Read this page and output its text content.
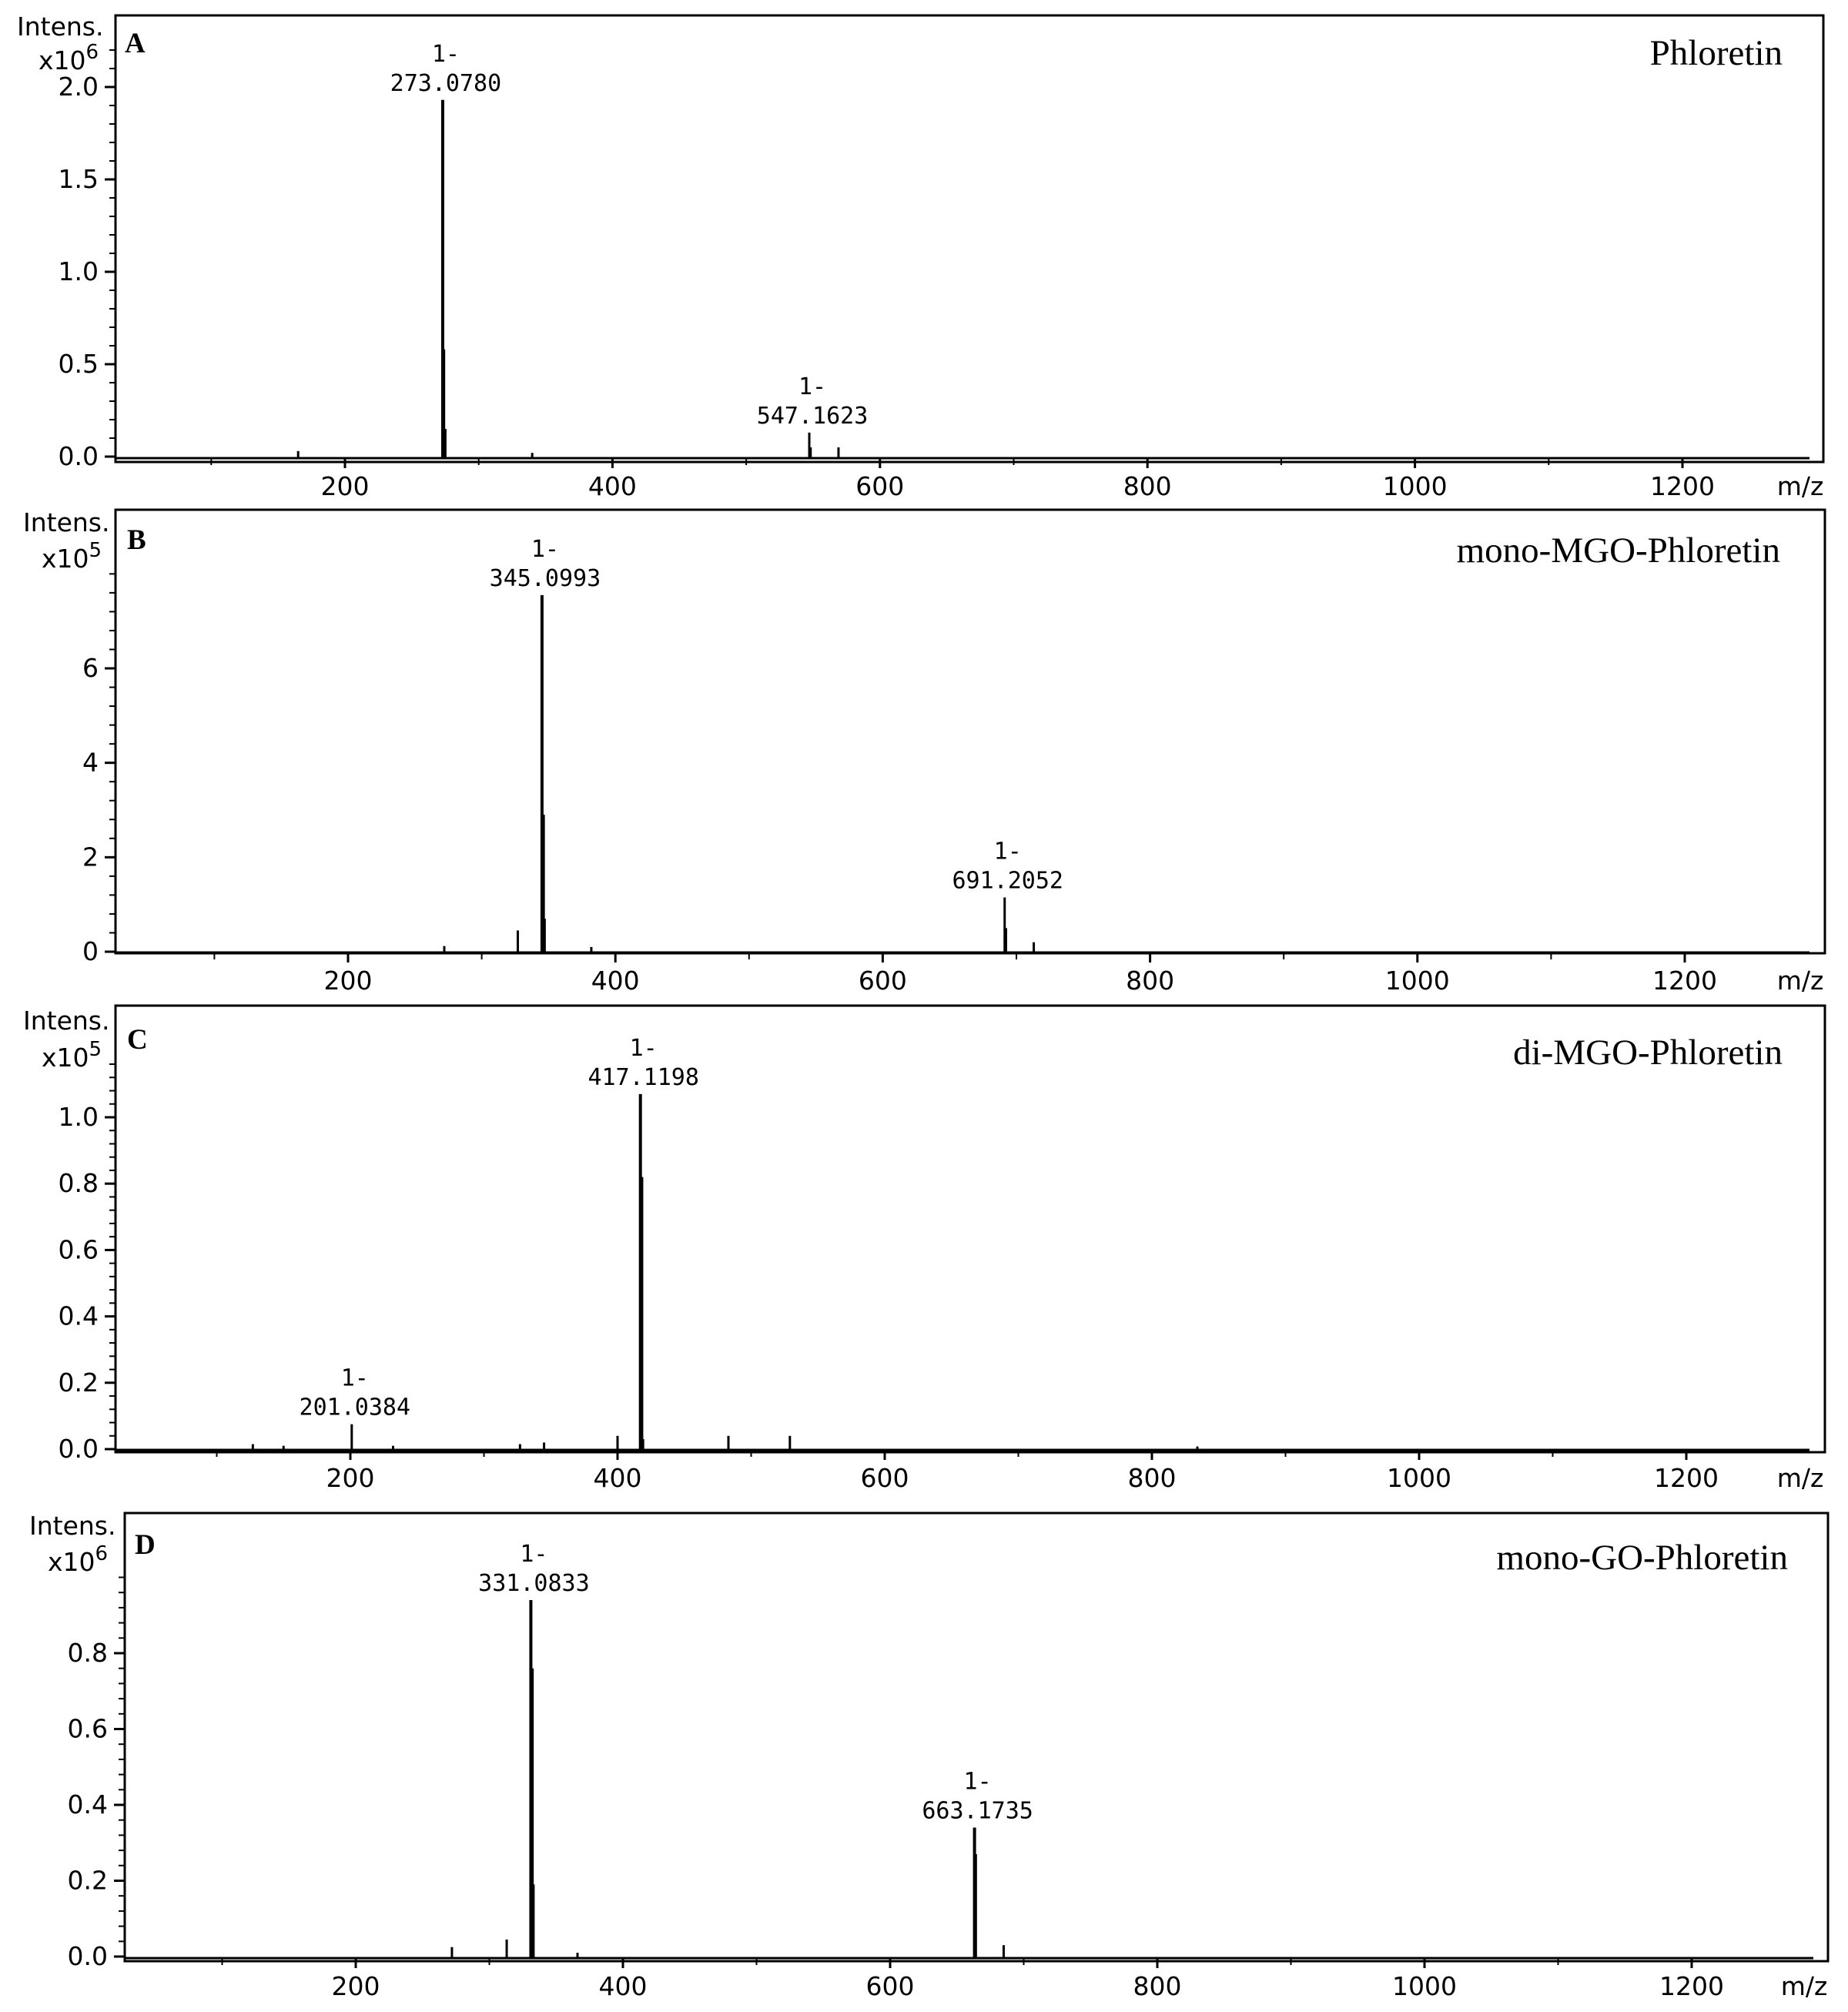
200	400	600	800	1000	1200 m/z
0.0
0.5
1.0
1.5
2.0
Intens.
$x10^6$ A	Phloretin
1-
273.0780
1-
547.1623
200	400	600	800	1000	1200 m/z
0
2
4
6
Intens.
$x10^5$ B	mono-MGO-Phloretin
1-
345.0993
1-
691.2052
200	400	600	800	1000	1200 m/z
0.0
0.2
0.4
0.6
0.8
1.0
Intens.
$x10^5$ C	di-MGO-Phloretin
1-
201.0384
1-
417.1198
200	400	600	800	1000	1200 m/z
0.0
0.2
0.4
0.6
0.8
Intens.
$x10^6$ D	mono-GO-Phloretin
1-
331.0833
1-
663.1735
